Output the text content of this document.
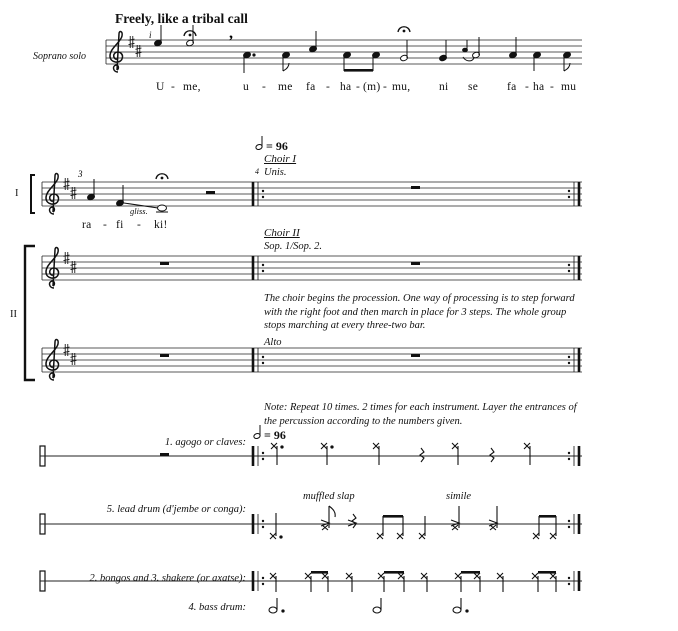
i	,
3
Freely, like a tribal call
Soprano solo
U - me,	u - me fa - ha - (m) - mu, ni se	fa - ha - mu
= 96
Choir I
4 Unis.
I
gliss.
ra - fi - ki!
Choir II
Sop. 1/Sop. 2.
II
The choir begins the procession. One way of processing is to step forward with the right foot and then march in place for 3 steps. The whole group stops marching at every three-two bar.
Alto
Note: Repeat 10 times. 2 times for each instrument. Layer the entrances of the percussion according to the numbers given.
= 96
1. agogo or claves:
5. lead drum (d'jembe or conga):
muffled slap	simile
2. bongos and 3. shakere (or axatse):
4. bass drum:
